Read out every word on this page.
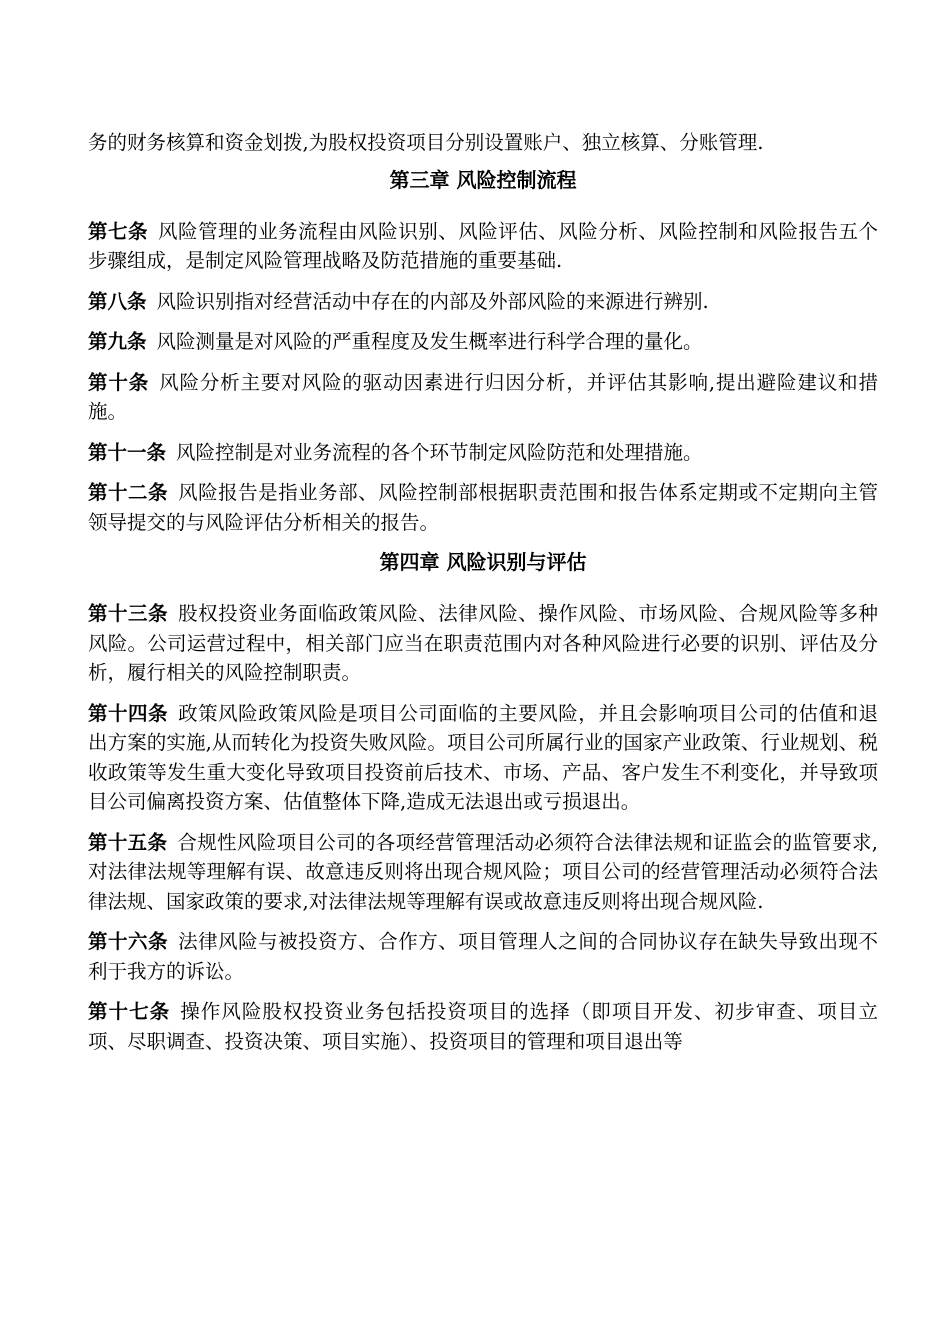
务的财务核算和资金划拨,为股权投资项目分别设置账户、独立核算、分账管理.

第三章 风险控制流程

第七条 风险管理的业务流程由风险识别、风险评估、风险分析、风险控制和风险报告五个步骤组成，是制定风险管理战略及防范措施的重要基础.

第八条 风险识别指对经营活动中存在的内部及外部风险的来源进行辨别.

第九条 风险测量是对风险的严重程度及发生概率进行科学合理的量化。

第十条 风险分析主要对风险的驱动因素进行归因分析，并评估其影响,提出避险建议和措施。

第十一条 风险控制是对业务流程的各个环节制定风险防范和处理措施。

第十二条 风险报告是指业务部、风险控制部根据职责范围和报告体系定期或不定期向主管领导提交的与风险评估分析相关的报告。

第四章 风险识别与评估

第十三条 股权投资业务面临政策风险、法律风险、操作风险、市场风险、合规风险等多种风险。公司运营过程中，相关部门应当在职责范围内对各种风险进行必要的识别、评估及分析，履行相关的风险控制职责。

第十四条 政策风险政策风险是项目公司面临的主要风险，并且会影响项目公司的估值和退出方案的实施,从而转化为投资失败风险。项目公司所属行业的国家产业政策、行业规划、税收政策等发生重大变化导致项目投资前后技术、市场、产品、客户发生不利变化，并导致项目公司偏离投资方案、估值整体下降,造成无法退出或亏损退出。

第十五条 合规性风险项目公司的各项经营管理活动必须符合法律法规和证监会的监管要求,对法律法规等理解有误、故意违反则将出现合规风险；项目公司的经营管理活动必须符合法律法规、国家政策的要求,对法律法规等理解有误或故意违反则将出现合规风险.

第十六条 法律风险与被投资方、合作方、项目管理人之间的合同协议存在缺失导致出现不利于我方的诉讼。

第十七条 操作风险股权投资业务包括投资项目的选择（即项目开发、初步审查、项目立项、尽职调查、投资决策、项目实施）、投资项目的管理和项目退出等
